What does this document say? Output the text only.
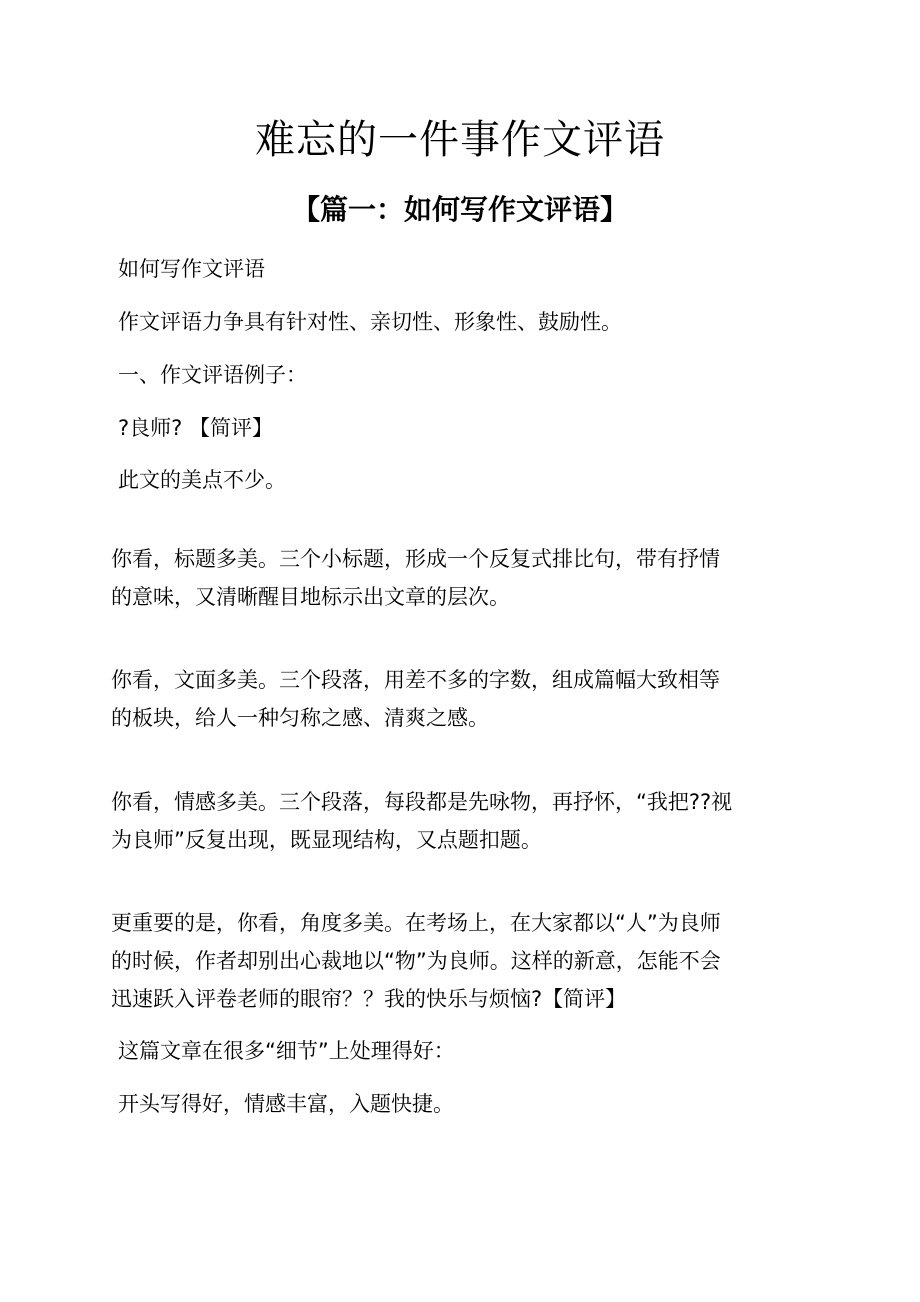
难忘的一件事作文评语
【篇一：如何写作文评语】

如何写作文评语

作文评语力争具有针对性、亲切性、形象性、鼓励性。

一、作文评语例子：

?良师? 【简评】

此文的美点不少。

你看，标题多美。三个小标题，形成一个反复式排比句，带有抒情
的意味，又清晰醒目地标示出文章的层次。

你看，文面多美。三个段落，用差不多的字数，组成篇幅大致相等
的板块，给人一种匀称之感、清爽之感。

你看，情感多美。三个段落，每段都是先咏物，再抒怀，“我把??视
为良师”反复出现，既显现结构，又点题扣题。

更重要的是，你看，角度多美。在考场上，在大家都以“人”为良师
的时候，作者却别出心裁地以“物”为良师。这样的新意，怎能不会
迅速跃入评卷老师的眼帘？？我的快乐与烦恼?【简评】

这篇文章在很多“细节”上处理得好：

开头写得好，情感丰富，入题快捷。
